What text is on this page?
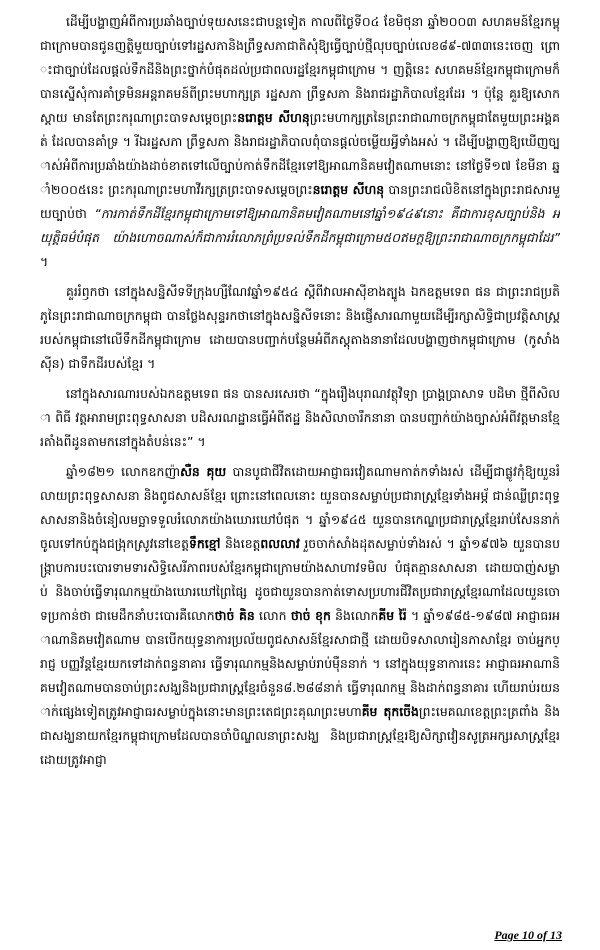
ដើម្បីបង្ហាញអំពីការប្រឆាំងច្បាប់ទុយសនេះជាបន្តទៀត កាលពីថ្ងៃទី០៤ ខែមិថុនា ឆ្នាំ២០០៣ សហគមន៍ខ្មែរកម្ពុជាក្រោមបានជូនញត្តិមួយច្បាប់ទៅរដ្ឋសភានិងព្រឹទ្ធសភាជាតិសុំឱ្យធ្វើច្បាប់ថ្មីលុបច្បាប់លេខ៨៩-៧៣៣នេះចេញ ព្រោះជាច្បាប់ដែលផ្តល់ទឹកដីនិងព្រះថ្នាក់បំផុតដល់ប្រជាពលរដ្ឋខ្មែរកម្ពុជាក្រោម ។ ញត្តិនេះ សហគមន៍ខ្មែរកម្ពុជាក្រោមក៏បានស្នើសុំការគាំទ្រមិនអន្តរាគមន៍ពីព្រះមហាក្សត្រ រដ្ឋសភា ព្រឹទ្ធសភា និងរាជរដ្ឋាភិបាលខ្មែរដែរ ។ ប៉ុន្តែ គួរឱ្យសោកស្តាយ មានតែព្រះករុណាព្រះបាទសម្តេចព្រះនរោត្តម សីហនុព្រះមហាក្សត្រនៃព្រះរាជាណាចក្រកម្ពុជាតែមួយព្រះអង្គគត់ ដែលបានគាំទ្រ ។ រីឯរដ្ឋសភា ព្រឹទ្ធសភា និងរាជរដ្ឋាភិបាលពុំបានផ្តល់ចម្លើយអ្វីទាំងអស់ ។ ដើម្បីបង្ហាញឱ្យឃើញច្បាស់អំពីការប្រឆាំងយ៉ាងដាច់ខាតទៅលើច្បាប់កាត់ទឹកដីខ្មែរទៅឱ្យអាណានិគមវៀតណាមនោះ នៅថ្ងៃទី១៧ ខែមីនា ឆ្នាំ២០០៥នេះ ព្រះករុណាព្រះមហាវីរក្សត្រព្រះបាទសម្តេចព្រះនរោត្តម សីហនុ បានព្រះរាជលិខិតនៅក្នុងព្រះរាជសារមួយច្បាប់ថា “ការកាត់ទឹកដីខ្មែរកម្ពុជាក្រោមទៅឱ្យអាណានិគមវៀតណាមនៅឆ្នាំ១៩៤៩នោះ គឺជាការខុសច្បាប់និង អយុត្តិធម៌បំផុត យ៉ាងហោចណាស់ក៏ជាការរំលោភព្រំប្រទល់ទឹកដីកម្ពុជាក្រោម៥០ឥមក្តឱ្យព្រះរាជាណាចក្រកម្ពុជាដែរ” ។

គួររំឭកថា នៅក្នុងសន្និសីទទីក្រុងហ្សឺណែវឆ្នាំ១៩៥៤ ស្តីពីវាលអាស៊ីខាងត្បូង ឯកឧត្តមទេព ផន ជាព្រះរាជប្រតិភូនៃព្រះរាជាណាចក្រកម្ពុជា បានថ្លែងសុន្ទរកថានៅក្នុងសន្និសីទនោះ និងផ្ញើសារណាមួយដើម្បីរក្សាសិទ្ធិជាប្រវត្តិសាស្ត្ររបស់កម្ពុជានៅលើទឹកដីកម្ពុជាក្រោម ដោយបានបញ្ជាក់បន្ថែមអំពីភស្តុតាងនានាដែលបង្ហាញថាកម្ពុជាក្រោម (កូសាំងស៊ីន) ជាទឹកដីរបស់ខ្មែរ ។

នៅក្នុងសារណារបស់ឯកឧត្តមទេព ផន បានសរសេរថា “ក្នុងរឿងបុរាណវត្ថុវិទ្យា ប្រាង្គប្រាសាទ បដិមា ថ្មីពីសិលា ពិធី វត្តអារាមព្រះពុទ្ធសាសនា បដិសរណដ្ឋានធ្វើអំពីឥដ្ឋ និងសិលាចារឹកនានា បានបញ្ជាក់យ៉ាងច្បាស់អំពីវត្តមានខ្មែរតាំងពីដូនតាមកនៅក្នុងតំបន់នេះ” ។

ឆ្នាំ១៨២១ លោកឧកញ៉ាសឺន គុយ បានបូជាជីវិតដោយអាជ្ញាធរវៀតណាមកាត់កទាំងរស់ ដើម្បីជាផ្លូវកុំឱ្យយួនរំលាយព្រះពុទ្ធសាសនា និងពូជសាសន៍ខ្មែរ ព្រោះនៅពេលនោះ យួនបានសម្លាប់ប្រជារាស្ត្រខ្មែរទាំងអម្ភ័ ជាន់ឈ្លីព្រះពុទ្ធសាសនានិងចំនៀលមច្ឆាទទួលរំលោភយ៉ាងឃោរឃៅបំផុត ។ ឆ្នាំ១៩៤៥ យួនបានកេណ្ឌប្រជារាស្ត្រខ្មែររាប់សែននាក់ចូលទៅកប់ក្នុងជង្រុកស្រូវនៅខេត្តទឹកខ្មៅ និងខេត្តពលលាវ រួចចាក់សាំងដុតសម្លាប់ទាំងរស់ ។ ឆ្នាំ១៩៧៦ យួនបានបង្ក្រាបការបះបោរទាមទារសិទ្ធិសេរីភាពរបស់ខ្មែរកម្ពុជាក្រោមយ៉ាងសាហាវទមិល បំផុតគ្មានសាសនា ដោយបាញ់សម្លាប់ និងចាប់ធ្វើទារុណកម្មយ៉ាងឃោរឃៅព្រៃផ្សៃ ដូចជាយួនបានកាត់ទោសប្រហារជីវិតប្រជារាស្ត្រខ្មែរណាដែលយួនចោទប្រកាន់ថា ជាមេដឹកនាំបះបោរគឺលោកថាច់ គិន លោក ថាច់ ខុក និងលោកគីម រ៉ៃ ។ ឆ្នាំ១៩៨៥-១៩៨៧ អាជ្ញាធរអាណានិគមវៀតណាម បានបើកយុទ្ធនាការប្រល័យពូជសាសន៍ខ្មែរសាជាថ្មី ដោយបិទសាលារៀនភាសាខ្មែរ ចាប់អ្នកប្រាជ្ញ បញ្ញវ័ន្តខ្មែរយកទៅដាក់ពន្ធនាគារ ធ្វើទារុណកម្មនិងសម្លាប់រាប់ម៉ឺននាក់ ។ នៅក្នុងយុទ្ធនាការនេះ អាជ្ញាធរអាណានិគមវៀតណាមបានចាប់ព្រះសង្ឃនិងប្រជារាស្ត្រខ្មែរចំនួន៨.២៨៨នាក់ ធ្វើទារុណកម្ម និងដាក់ពន្ធនាគារ ហើយរាប់រយនាក់ផ្សេងទៀតត្រូវអាជ្ញាធរសម្លាប់ក្នុងនោះមានព្រះតេជព្រះគុណព្រះមហាគីម តុកចើងព្រះមេគណខេត្តព្រះត្រពាំង និងជាសង្ឃនាយកខ្មែរកម្ពុជាក្រោមដែលបានចាំបិណ្ឌលនាព្រះសង្ឃ និងប្រជារាស្ត្រខ្មែរឱ្យសិក្សាវៀនសូត្រអក្សរសាស្ត្រខ្មែរ ដោយត្រូវអាជ្ញា

Page 10 of 13
